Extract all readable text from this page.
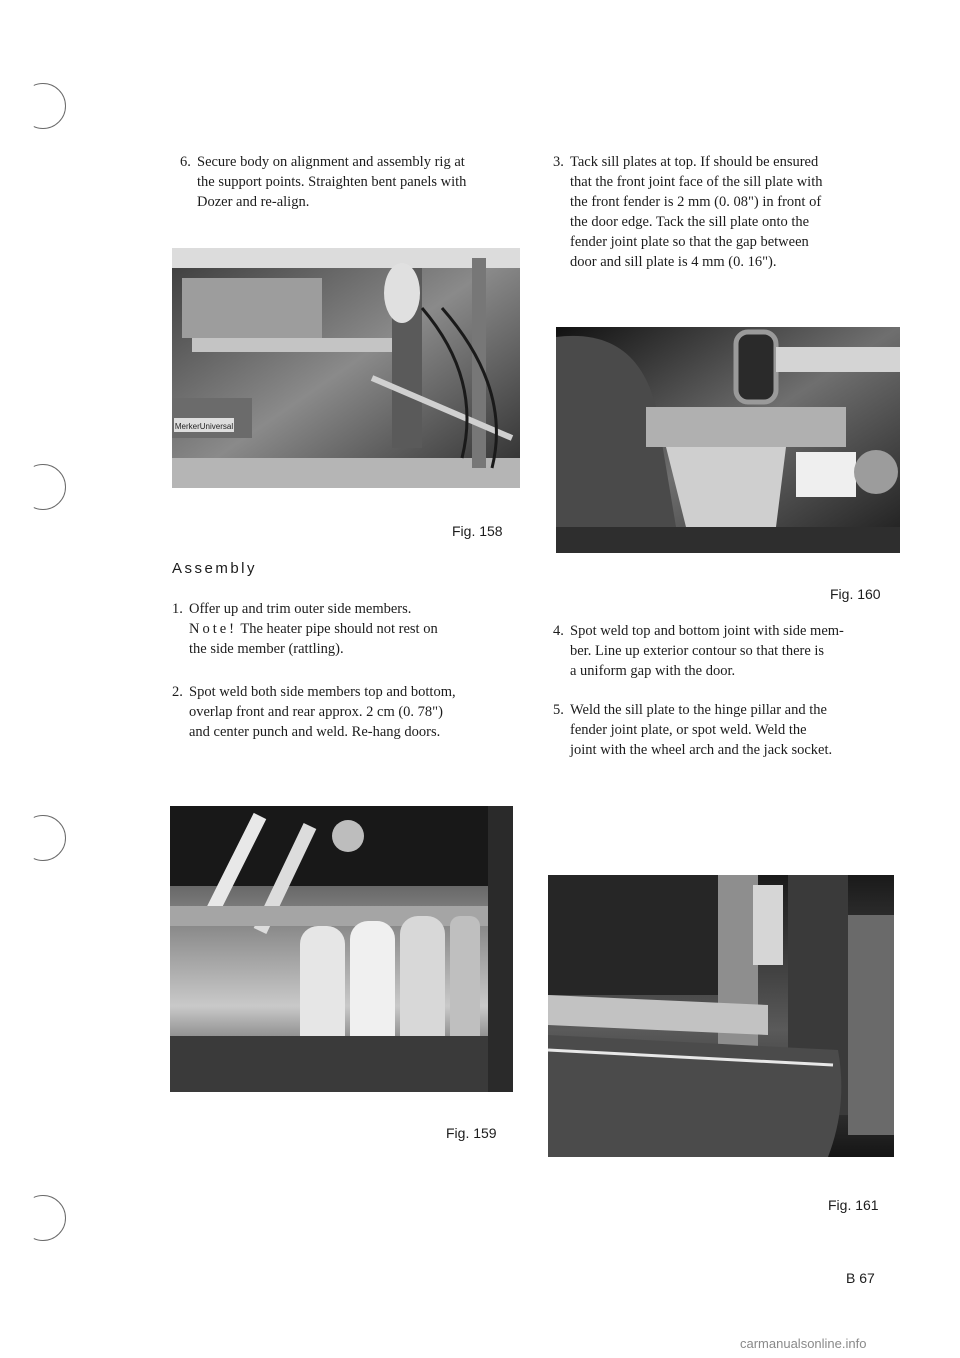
6. Secure body on alignment and assembly rig at

the support points. Straighten bent panels with

Dozer and re-align.

MerkerUniversal
Fig. 158
Assembly
1. Offer up and trim outer side members.

Note! The heater pipe should not rest on

the side member (rattling).

2. Spot weld both side members top and bottom,

overlap front and rear approx. 2 cm (0. 78")

and center punch and weld. Re-hang doors.

Fig. 159
3. Tack sill plates at top. If should be ensured

that the front joint face of the sill plate with

the front fender is 2 mm (0. 08") in front of

the door edge. Tack the sill plate onto the

fender joint plate so that the gap between

door and sill plate is 4 mm (0. 16").

Fig. 160
4. Spot weld top and bottom joint with side mem-

ber. Line up exterior contour so that there is

a uniform gap with the door.

5. Weld the sill plate to the hinge pillar and the

fender joint plate, or spot weld. Weld the

joint with the wheel arch and the jack socket.

Fig. 161
B 67
carmanualsonline.info
